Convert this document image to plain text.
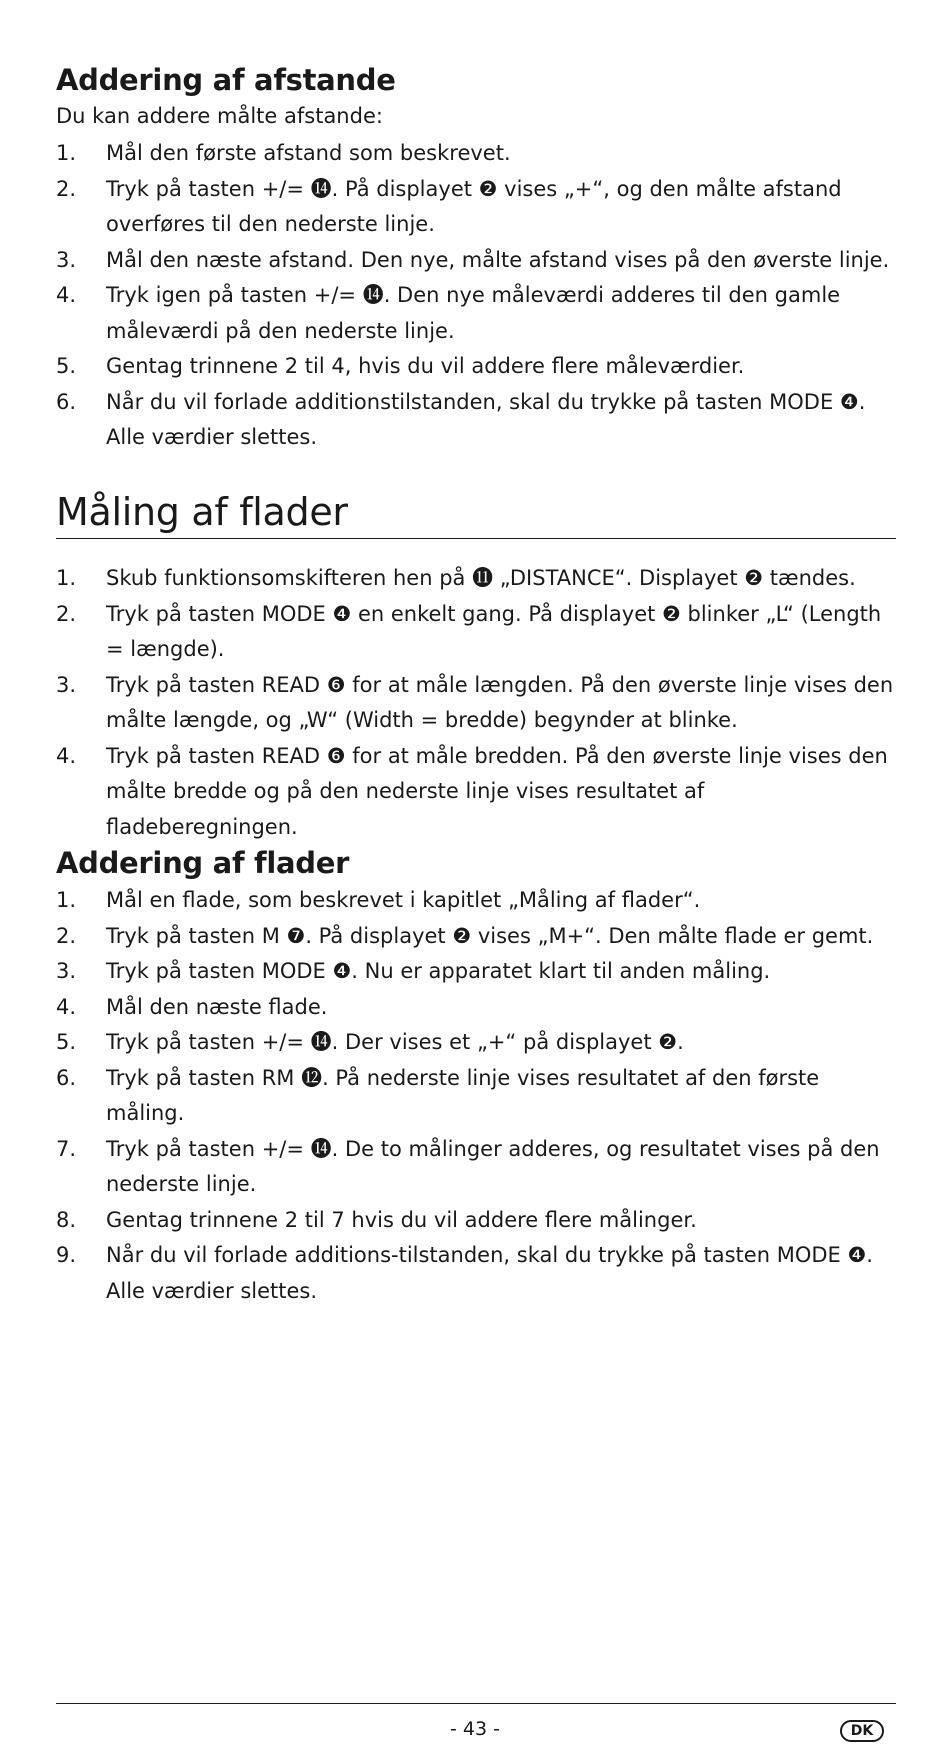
Addering af afstande

Du kan addere målte afstande:

1. Mål den første afstand som beskrevet.
2. Tryk på tasten +/= ⓮. På displayet ❷ vises „+“, og den målte afstand overføres til den nederste linje.
3. Mål den næste afstand. Den nye, målte afstand vises på den øverste linje.
4. Tryk igen på tasten +/= ⓮. Den nye måleværdi adderes til den gamle måleværdi på den nederste linje.
5. Gentag trinnene 2 til 4, hvis du vil addere flere måleværdier.
6. Når du vil forlade additionstilstanden, skal du trykke på tasten MODE ❹. Alle værdier slettes.
Måling af flader
1. Skub funktionsomskifteren hen på ⓫ „DISTANCE“. Displayet ❷ tændes.
2. Tryk på tasten MODE ❹ en enkelt gang. På displayet ❷ blinker „L“ (Length = længde).
3. Tryk på tasten READ ❻ for at måle længden. På den øverste linje vises den målte længde, og „W“ (Width = bredde) begynder at blinke.
4. Tryk på tasten READ ❻ for at måle bredden. På den øverste linje vises den målte bredde og på den nederste linje vises resultatet af fladeberegningen.
Addering af flader
1. Mål en flade, som beskrevet i kapitlet „Måling af flader“.
2. Tryk på tasten M ❼. På displayet ❷ vises „M+“. Den målte flade er gemt.
3. Tryk på tasten MODE ❹. Nu er apparatet klart til anden måling.
4. Mål den næste flade.
5. Tryk på tasten +/= ⓮. Der vises et „+“ på displayet ❷.
6. Tryk på tasten RM ⓬. På nederste linje vises resultatet af den første måling.
7. Tryk på tasten +/= ⓮. De to målinger adderes, og resultatet vises på den nederste linje.
8. Gentag trinnene 2 til 7 hvis du vil addere flere målinger.
9. Når du vil forlade additions-tilstanden, skal du trykke på tasten MODE ❹. Alle værdier slettes.
- 43 -	DK
